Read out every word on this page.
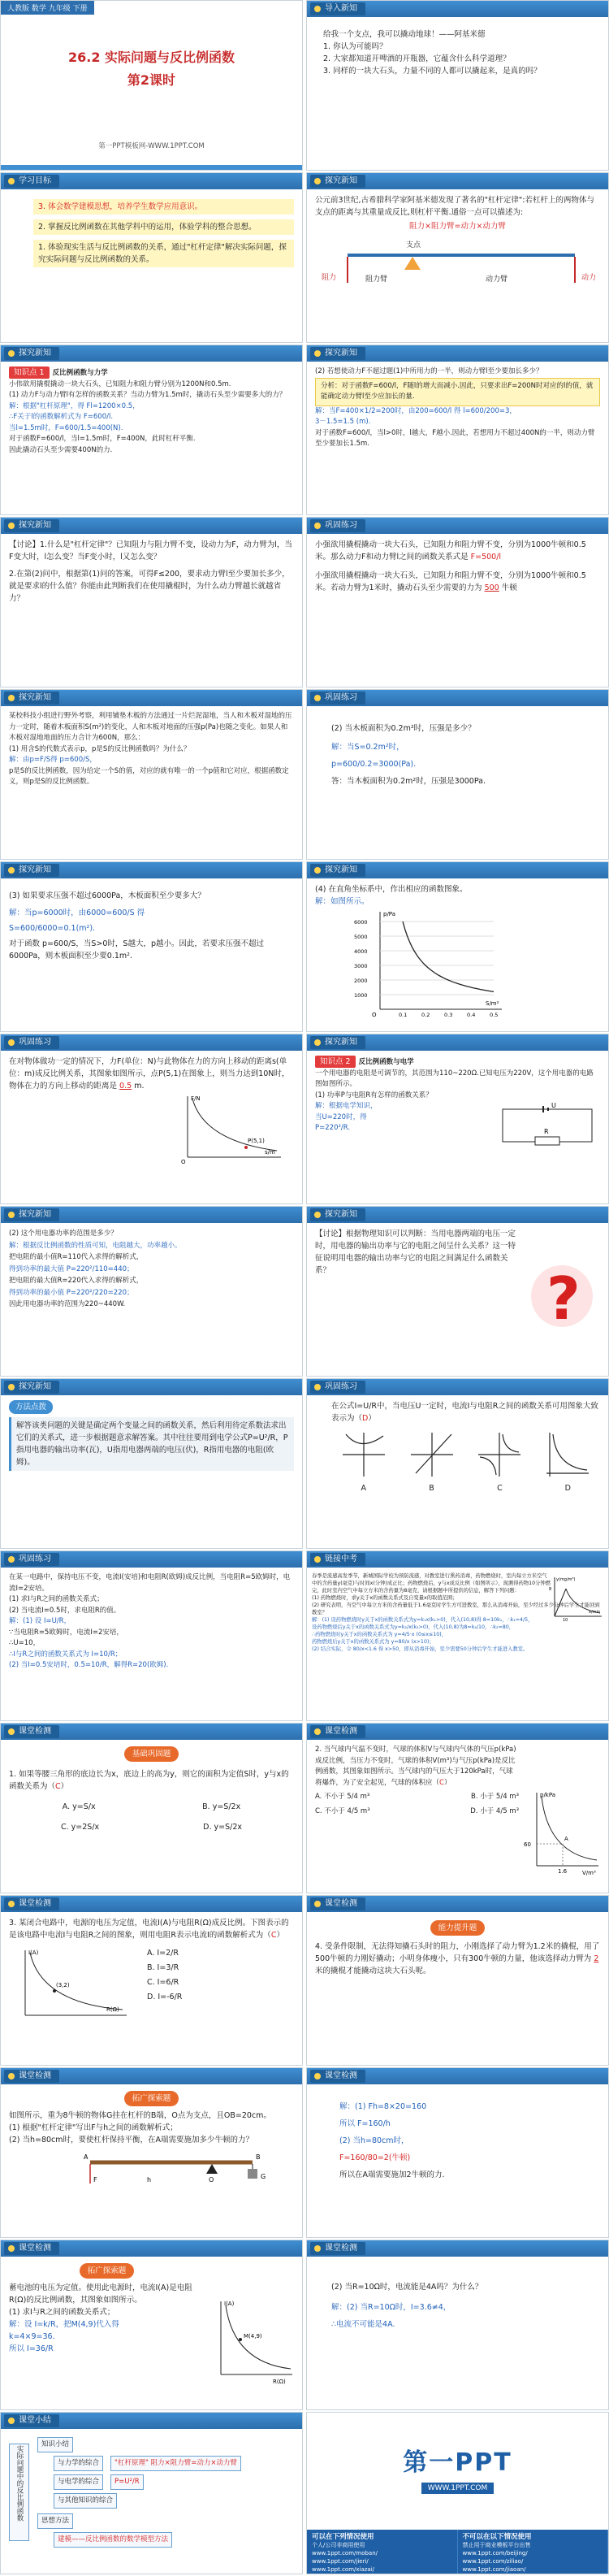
人教版 数学 九年级 下册
26.2 实际问题与反比例函数
第2课时
第一PPT模板网-WWW.1PPT.COM
导入新知
给我一个支点，我可以撬动地球！——阿基米德
1. 你认为可能吗？
2. 大家都知道开啤酒的开瓶器，它蕴含什么科学道理？
3. 同样的一块大石头，力量不同的人都可以撬起来，是真的吗？
学习目标
3. 体会数学建模思想，培养学生数学应用意识。
2. 掌握反比例函数在其他学科中的运用，体验学科的整合思想。
1. 体验现实生活与反比例函数的关系，通过"杠杆定律"解决实际问题，探究实际问题与反比例函数的关系。
探究新知
公元前3世纪,古希腊科学家阿基米德发现了著名的"杠杆定律":若杠杆上的两物体与支点的距离与其重量成反比,则杠杆平衡.通俗一点可以描述为:
阻力×阻力臂=动力×动力臂
支点
阻力	阻力臂	动力
动力臂
探究新知
知识点 1 反比例函数与力学
小伟欲用撬棍撬动一块大石头，已知阻力和阻力臂分别为1200N和0.5m.
(1) 动力F与动力臂l有怎样的函数关系？当动力臂为1.5m时，撬动石头至少需要多大的力？
解：根据"杠杆原理"，得 Fl=1200×0.5，
∴F关于l的函数解析式为 F=600/l.
当l=1.5m时，F=600/1.5=400(N).
对于函数F=600/l，当l=1.5m时，F=400N，此时杠杆平衡.
因此撬动石头至少需要400N的力.
探究新知
(2) 若想使动力F不超过题(1)中所用力的一半，则动力臂l至少要加长多少？
分析：对于函数F=600/l，F随l的增大而减小.因此，只要求出F=200N时对应的l的值，就能确定动力臂l至少应加长的量.
解：当F=400×1/2=200时，由200=600/l 得 l=600/200=3，
3－1.5=1.5 (m).
对于函数F=600/l，当l>0时，l越大，F越小.因此，若想用力不超过400N的一半，则动力臂至少要加长1.5m.
探究新知
【讨论】1.什么是"杠杆定律"？已知阻力与阻力臂不变，设动力为F，动力臂为l，当F变大时，l怎么变？当F变小时，l又怎么变？
2.在第(2)问中，根据第(1)问的答案，可得F≤200，要求动力臂l至少要加长多少，就是要求l的什么值？你能由此判断我们在使用撬棍时，为什么动力臂越长就越省力？
巩固练习
小强欲用撬棍撬动一块大石头，已知阻力和阻力臂不变，分别为1000牛顿和0.5米。那么动力F和动力臂l之间的函数关系式是 F=500/l
小强欲用撬棍撬动一块大石头，已知阻力和阻力臂不变，分别为1000牛顿和0.5米。若动力臂为1米时，撬动石头至少需要的力为 500 牛顿
探究新知
某校科技小组进行野外考察，利用铺垫木板的方法通过一片烂泥湿地，当人和木板对湿地的压力一定时，随着木板面积S(m²)的变化，人和木板对地面的压强p(Pa)也随之变化。如果人和木板对湿地地面的压力合计为600N，那么：
(1) 用含S的代数式表示p，p是S的反比例函数吗？为什么？
解：由p=F/S得 p=600/S，
p是S的反比例函数，因为给定一个S的值，对应的就有唯一的一个p值和它对应，根据函数定义，则p是S的反比例函数。
巩固练习
(2) 当木板面积为0.2m²时，压强是多少？
解：当S=0.2m²时，
p=600/0.2=3000(Pa).
答：当木板面积为0.2m²时，压强是3000Pa.
探究新知
(3) 如果要求压强不超过6000Pa，木板面积至少要多大？
解：当p=6000时，由6000=600/S 得
S=600/6000=0.1(m²).
对于函数 p=600/S，当S>0时，S越大，p越小。因此，若要求压强不超过6000Pa，则木板面积至少要0.1m².
探究新知
(4) 在直角坐标系中，作出相应的函数图象。
解：如图所示。
p/Pa
S/m²
O
6000
5000
4000
3000
2000
1000
0.1	0.2	0.3	0.4	0.5
巩固练习
在对物体做功一定的情况下，力F(单位：N)与此物体在力的方向上移动的距离s(单位：m)成反比例关系，其图象如图所示，点P(5,1)在图象上，则当力达到10N时，物体在力的方向上移动的距离是 0.5 m.
F/N
s/m
O
P(5,1)
探究新知
知识点 2 反比例函数与电学
一个用电器的电阻是可调节的，其范围为110~220Ω.已知电压为220V，这个用电器的电路图如图所示。
(1) 功率P与电阻R有怎样的函数关系？
解：根据电学知识，
当U=220时，得
P=220²/R.	R
U
探究新知
(2) 这个用电器功率的范围是多少？
解：根据反比例函数的性质可知，电阻越大，功率越小。
把电阻的最小值R=110代入求得的解析式，
得到功率的最大值 P=220²/110=440；
把电阻的最大值R=220代入求得的解析式，
得到功率的最小值 P=220²/220=220；
因此用电器功率的范围为220~440W.
探究新知
【讨论】根据物理知识可以判断：当用电器两端的电压一定时，用电器的输出功率与它的电阻之间呈什么关系？这一特征说明用电器的输出功率与它的电阻之间满足什么函数关系？	?
探究新知
方法点拨
解答该类问题的关键是确定两个变量之间的函数关系，然后利用待定系数法求出它们的关系式，进一步根据题意求解答案。其中往往要用到电学公式P=U²/R，P指用电器的输出功率(瓦)，U指用电器两端的电压(伏)，R指用电器的电阻(欧姆)。
巩固练习
在公式I=U/R中，当电压U一定时，电流I与电阻R之间的函数关系可用图象大致表示为（D）
A	B	C	D
巩固练习
在某一电路中，保持电压不变，电流I(安培)和电阻R(欧姆)成反比例，当电阻R=5欧姆时，电流I=2安培。
(1) 求I与R之间的函数关系式；
(2) 当电流I=0.5时，求电阻R的值。
解：(1) 设 I=U/R，
∵当电阻R=5欧姆时，电流I=2安培，
∴U=10，
∴I与R之间的函数关系式为 I=10/R；
(2) 当I=0.5安培时，0.5=10/R，解得R=20(欧姆).
链接中考
春季是流感高发季节，新城国际学校为预防流感，对教室进行熏药消毒，药物燃烧时，室内每立方米空气中的含药量y(毫克)与时间x(分钟)成正比；药物燃烧后，y与x成反比例（如图所示），现测得药物10分钟燃完，此时室内空气中每立方米的含药量为8毫克，请根据题中所提供的信息，解答下列问题：
(1) 药物燃烧时，求y关于x的函数关系式及自变量x的取值范围；
(2) 研究表明，当空气中每立方米的含药量低于1.6毫克时学生方可进教室，那么从消毒开始，至少经过多少分钟后学生才能回到教室？
解：(1) 设药物燃烧时y关于x的函数关系式为y=k₁x(k₁>0)，代入(10,8)得 8=10k₁，∴k₁=4/5，
设药物燃烧后y关于x的函数关系式为y=k₂/x(k₂>0)，代入(10,8)为8=k₂/10，∴k₂=80，
∴药物燃烧时y关于x的函数关系式为 y=4/5·x (0≤x≤10)，
药物燃烧后y关于x的函数关系式为 y=80/x (x>10)；
(2) 结合实际，令 80/x<1.6 得 x>50，即从消毒开始，至少需要50分钟后学生才能进入教室。
y(mg/m³)
x/min
8
10
课堂检测
基础巩固题
1. 如果等腰三角形的底边长为x，底边上的高为y，则它的面积为定值S时，y与x的函数关系为（C）
A. y=S/x	B. y=S/2x
C. y=2S/x	D. y=S/2x
课堂检测
2. 当气球内气温不变时，气球的体积V与气球内气体的气压p(kPa)成反比例，当压力不变时，气球的体积V(m³)与气压p(kPa)是反比例函数，其图象如图所示。当气球内的气压大于120kPa时，气球将爆炸，为了安全起见，气球的体积应（C）
A. 不小于 5/4 m³	B. 小于 5/4 m³
C. 不小于 4/5 m³	D. 小于 4/5 m³
p/kPa
V/m³
60
1.6
A
课堂检测
3. 某闭合电路中，电源的电压为定值，电流I(A)与电阻R(Ω)成反比例。下图表示的是该电路中电流I与电阻R之间的图象，则用电阻R表示电流I的函数解析式为（C）
I(A)
R(Ω)
(3,2)
A. I=2/R
B. I=3/R
C. I=6/R
D. I=-6/R
课堂检测
能力提升题
4. 受条件限制，无法得知撬石头时的阻力，小刚选择了动力臂为1.2米的撬棍，用了500牛顿的力刚好撬动；小明身体瘦小，只有300牛顿的力量，他该选择动力臂为 2 米的撬棍才能撬动这块大石头呢。
课堂检测
拓广探索题
如图所示，重为8牛顿的物体G挂在杠杆的B端，O点为支点，且OB=20cm。
(1) 根据"杠杆定律"写出F与h之间的函数解析式；
(2) 当h=80cm时，要使杠杆保持平衡，在A端需要施加多少牛顿的力？
A
O
B
F	G
h
课堂检测
解：(1) Fh=8×20=160
所以 F=160/h
(2) 当h=80cm时，
F=160/80=2(牛顿)
所以在A端需要施加2牛顿的力.
课堂检测
拓广探索题
蓄电池的电压为定值。使用此电源时，电流I(A)是电阻R(Ω)的反比例函数，其图象如图所示。
(1) 求I与R之间的函数关系式；
解：设 I=k/R，把M(4,9)代入得
k=4×9=36.
所以 I=36/R
I(A)
R(Ω)
M(4,9)
课堂检测
(2) 当R=10Ω时，电流能是4A吗？为什么？
解：(2) 当R=10Ω时，I=3.6≠4，
∴电流不可能是4A.
课堂小结
实际问题中的反比例函数
知识小结
与力学的综合 "杠杆原理" 阻力×阻力臂=动力×动力臂
与电学的综合 P=U²/R
与其他知识的综合
思想方法
建模——反比例函数的数学模型方法
第一PPT
WWW.1PPT.COM
可以在下列情况使用
个人/公司非商用使用
www.1ppt.com/moban/
www.1ppt.com/jieri/
www.1ppt.com/xiazai/
不可以在以下情况使用
禁止用于商业模板平台出售
www.1ppt.com/beijing/
www.1ppt.com/ziliao/
www.1ppt.com/jiaoan/
